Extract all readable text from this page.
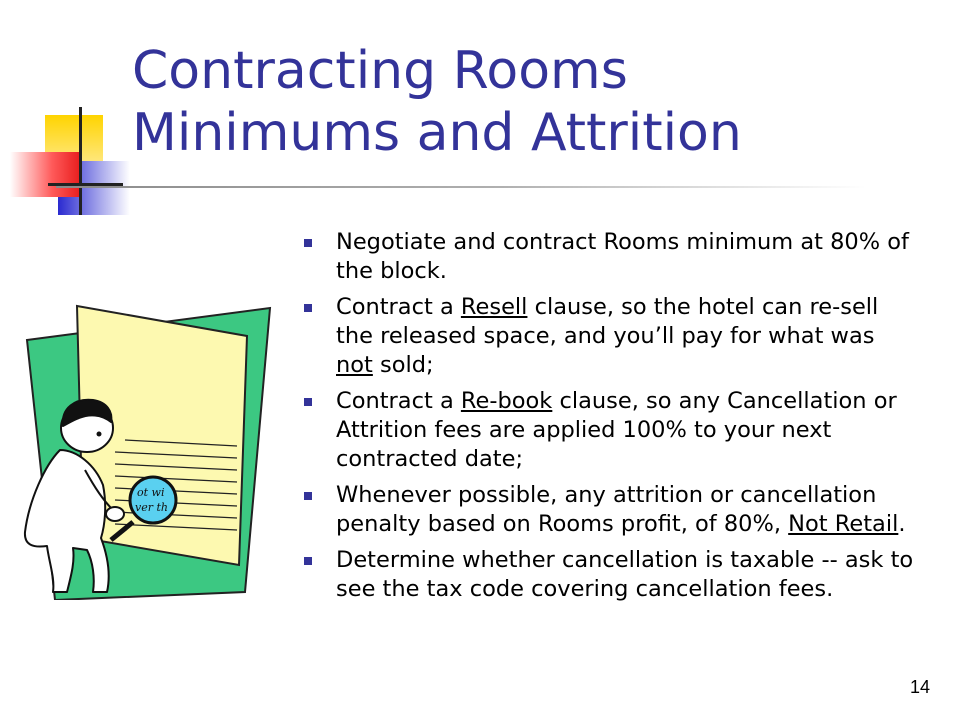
Contracting Rooms
Minimums and Attrition
ot wi
ver th
Negotiate and contract Rooms minimum at 80% of the block.
Contract a Resell clause, so the hotel can re-sell the released space, and you’ll pay for what was not sold;
Contract a Re-book clause, so any Cancellation or Attrition fees are applied 100% to your next contracted date;
Whenever possible, any attrition or cancellation penalty based on Rooms profit, of 80%, Not Retail.
Determine whether cancellation is taxable -- ask to see the tax code covering cancellation fees.
14
